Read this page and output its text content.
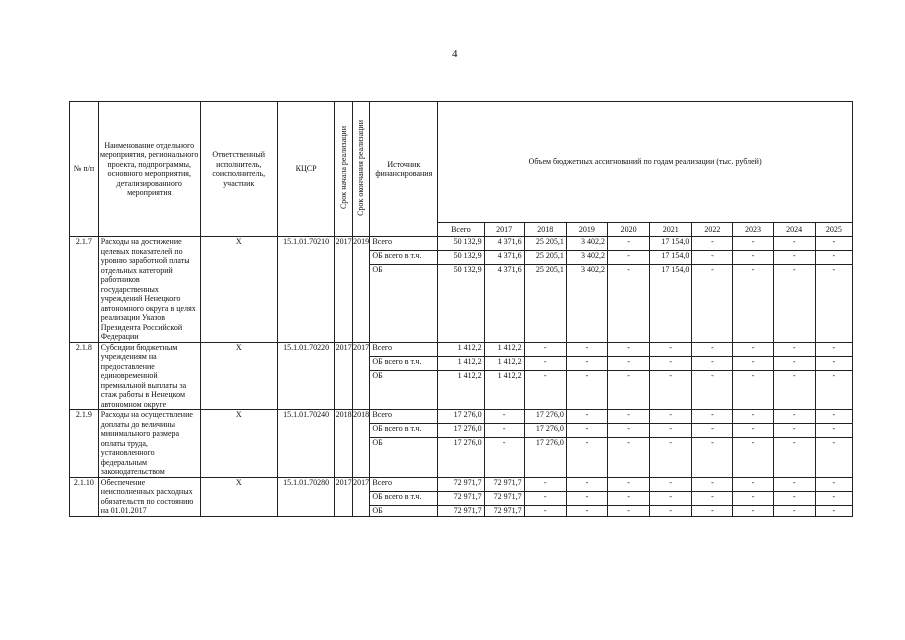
4
№ п/п	Наименование отдельного мероприятия, регионального проекта, подпрограммы, основного мероприятия, детализированного мероприятия	Ответственный исполнитель, соисполнитель, участник	КЦСР	Срок начала реализации	Срок окончания реализации	Источник финансирования	Объем бюджетных ассигнований по годам реализации (тыс. рублей)									
							Всего	2017	2018	2019	2020	2021	2022	2023	2024	2025
2.1.7	Расходы на достижение целевых показателей по уровню заработной платы отдельных категорий работников государственных учреждений Ненецкого автономного округа в целях реализации Указов Президента Российской Федерации	X	15.1.01.70210	2017	2019	Всего	50 132,9	4 371,6	25 205,1	3 402,2	-	17 154,0	-	-	-	-
						ОБ всего в т.ч.	50 132,9	4 371,6	25 205,1	3 402,2	-	17 154,0	-	-	-	-
						ОБ	50 132,9	4 371,6	25 205,1	3 402,2	-	17 154,0	-	-	-	-
2.1.8	Субсидии бюджетным учреждениям на предоставление единовременной премиальной выплаты за стаж работы в Ненецком автономном округе	X	15.1.01.70220	2017	2017	Всего	1 412,2	1 412,2	-	-	-	-	-	-	-	-
						ОБ всего в т.ч.	1 412,2	1 412,2	-	-	-	-	-	-	-	-
						ОБ	1 412,2	1 412,2	-	-	-	-	-	-	-	-
2.1.9	Расходы на осуществление доплаты до величины минимального размера оплаты труда, установленного федеральным законодательством	X	15.1.01.70240	2018	2018	Всего	17 276,0	-	17 276,0	-	-	-	-	-	-	-
						ОБ всего в т.ч.	17 276,0	-	17 276,0	-	-	-	-	-	-	-
						ОБ	17 276,0	-	17 276,0	-	-	-	-	-	-	-
2.1.10	Обеспечение неисполненных расходных обязательств по состоянию на 01.01.2017	X	15.1.01.70280	2017	2017	Всего	72 971,7	72 971,7	-	-	-	-	-	-	-	-
						ОБ всего в т.ч.	72 971,7	72 971,7	-	-	-	-	-	-	-	-
						ОБ	72 971,7	72 971,7	-	-	-	-	-	-	-	-
